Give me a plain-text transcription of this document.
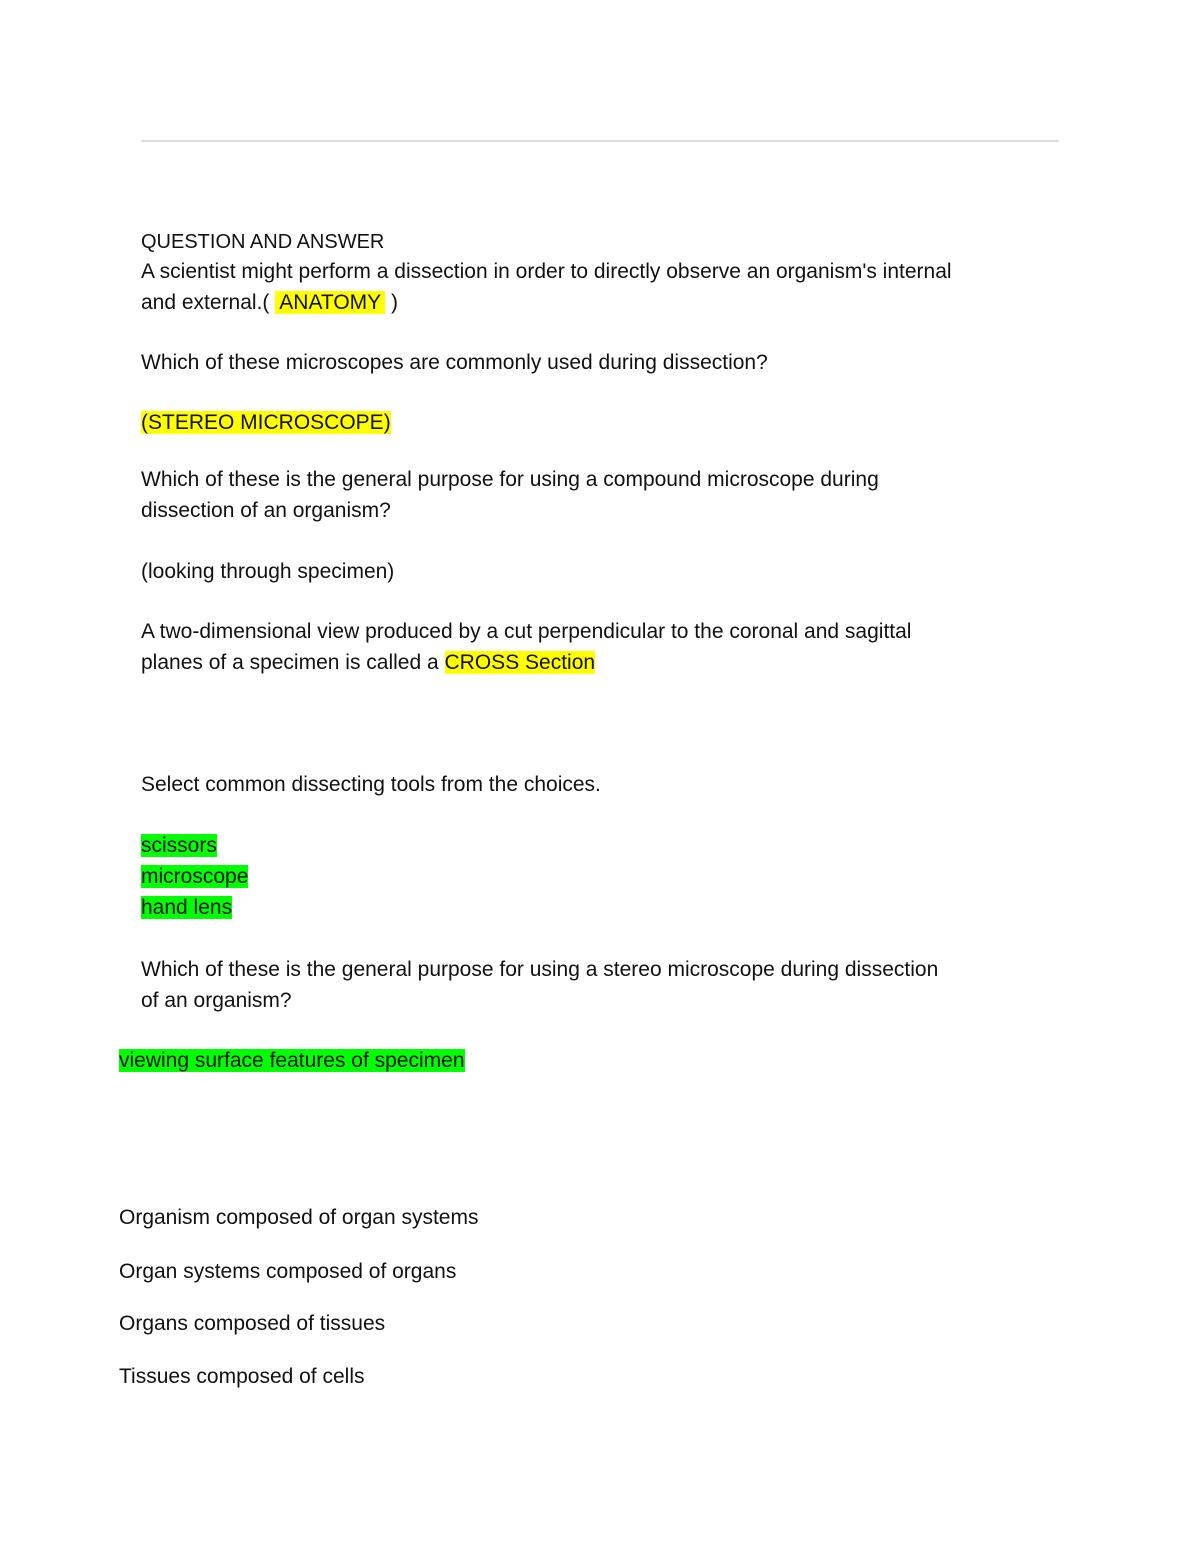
QUESTION AND ANSWER
A scientist might perform a dissection in order to directly observe an organism's internal
and external.( ANATOMY )
Which of these microscopes are commonly used during dissection?
(STEREO MICROSCOPE)
Which of these is the general purpose for using a compound microscope during
dissection of an organism?
(looking through specimen)
A two-dimensional view produced by a cut perpendicular to the coronal and sagittal
planes of a specimen is called a CROSS Section
Select common dissecting tools from the choices.
scissors
microscope
hand lens
Which of these is the general purpose for using a stereo microscope during dissection
of an organism?
viewing surface features of specimen
Organism composed of organ systems
Organ systems composed of organs
Organs composed of tissues
Tissues composed of cells
